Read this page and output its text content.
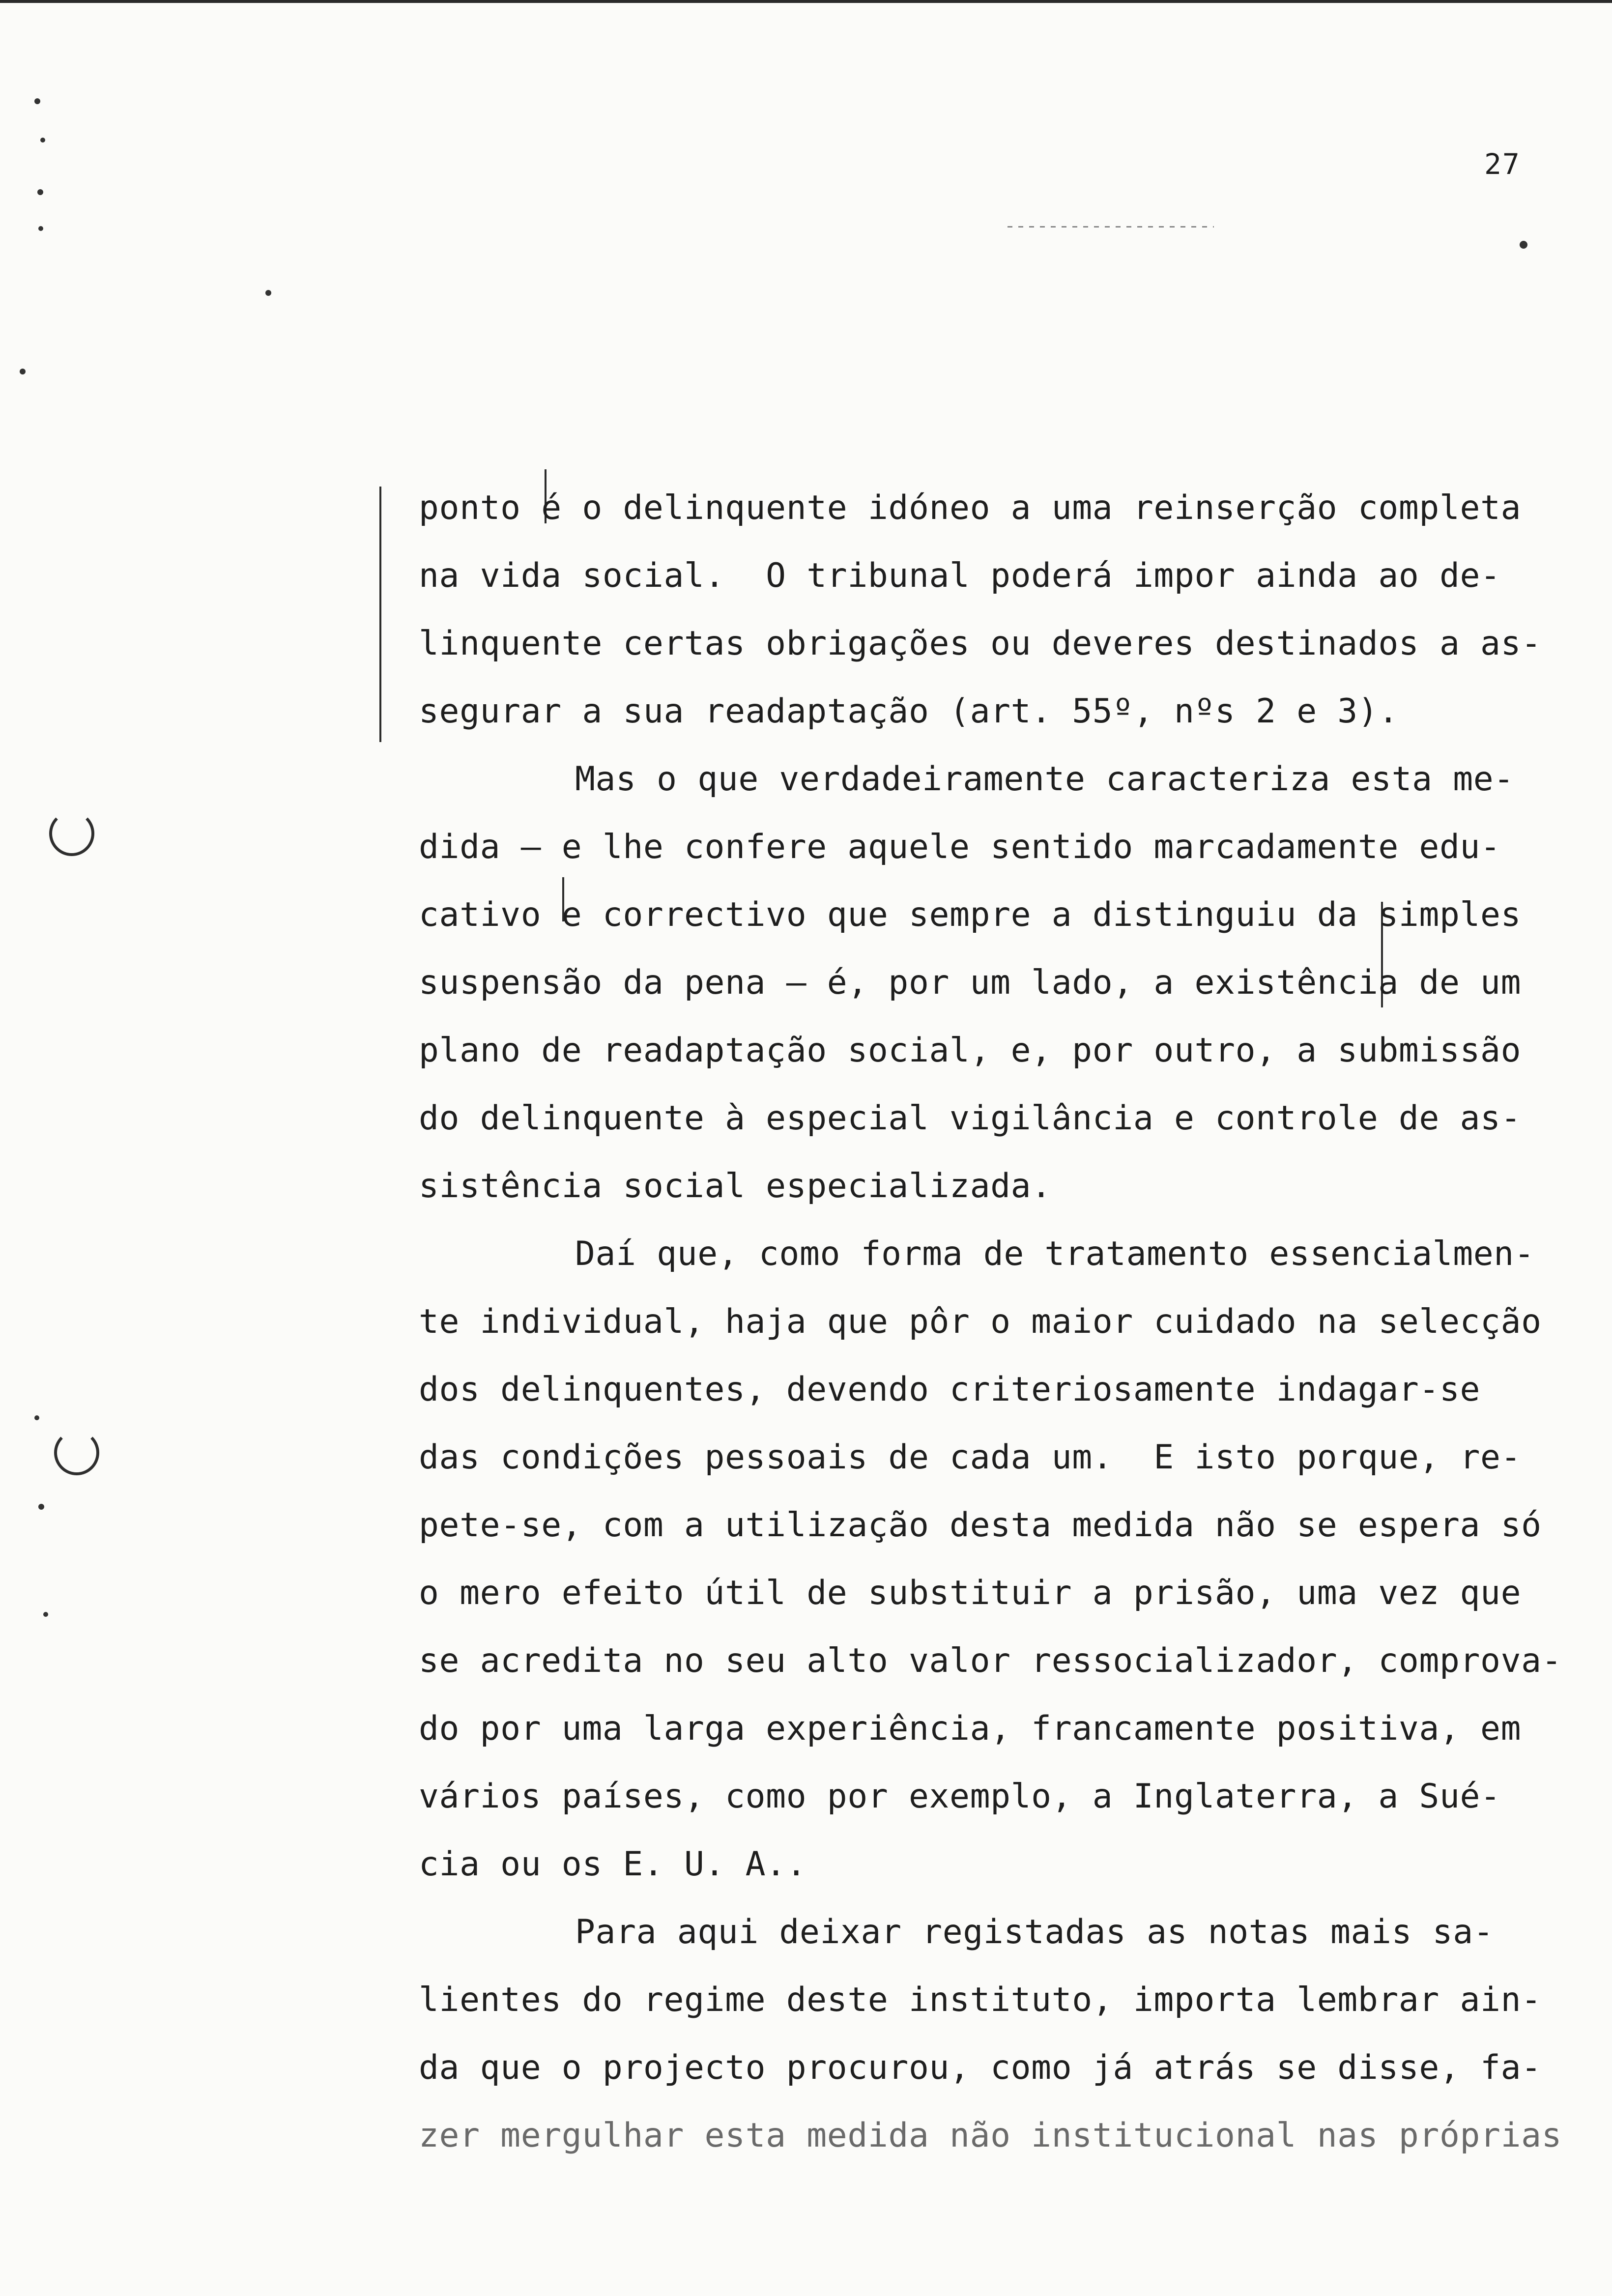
27
ponto é o delinquente idóneo a uma reinserção completa
na vida social.  O tribunal poderá impor ainda ao de-
linquente certas obrigações ou deveres destinados a as-
segurar a sua readaptação (art. 55º, nºs 2 e 3).
Mas o que verdadeiramente caracteriza esta me-
dida — e lhe confere aquele sentido marcadamente edu-
cativo e correctivo que sempre a distinguiu da simples
suspensão da pena — é, por um lado, a existência de um
plano de readaptação social, e, por outro, a submissão
do delinquente à especial vigilância e controle de as-
sistência social especializada.
Daí que, como forma de tratamento essencialmen-
te individual, haja que pôr o maior cuidado na selecção
dos delinquentes, devendo criteriosamente indagar-se
das condições pessoais de cada um.  E isto porque, re-
pete-se, com a utilização desta medida não se espera só
o mero efeito útil de substituir a prisão, uma vez que
se acredita no seu alto valor ressocializador, comprova-
do por uma larga experiência, francamente positiva, em
vários países, como por exemplo, a Inglaterra, a Sué-
cia ou os E. U. A..
Para aqui deixar registadas as notas mais sa-
lientes do regime deste instituto, importa lembrar ain-
da que o projecto procurou, como já atrás se disse, fa-
zer mergulhar esta medida não institucional nas próprias
